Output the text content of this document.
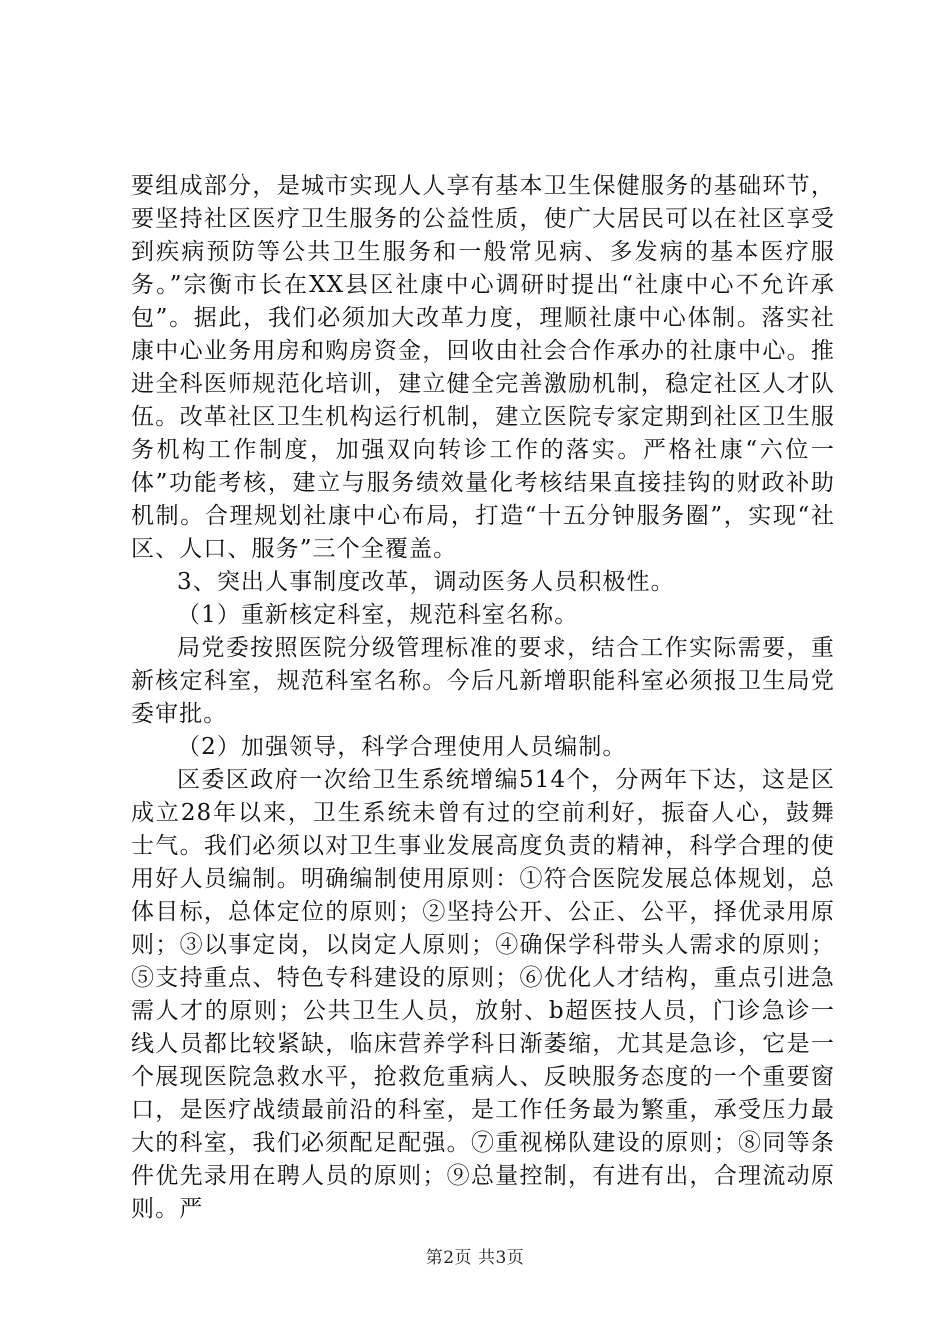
要组成部分，是城市实现人人享有基本卫生保健服务的基础环节，要坚持社区医疗卫生服务的公益性质，使广大居民可以在社区享受到疾病预防等公共卫生服务和一般常见病、多发病的基本医疗服务。”宗衡市长在XX县区社康中心调研时提出“社康中心不允许承包”。据此，我们必须加大改革力度，理顺社康中心体制。落实社康中心业务用房和购房资金，回收由社会合作承办的社康中心。推进全科医师规范化培训，建立健全完善激励机制，稳定社区人才队伍。改革社区卫生机构运行机制，建立医院专家定期到社区卫生服务机构工作制度，加强双向转诊工作的落实。严格社康“六位一体”功能考核，建立与服务绩效量化考核结果直接挂钩的财政补助机制。合理规划社康中心布局，打造“十五分钟服务圈”，实现“社区、人口、服务”三个全覆盖。

3、突出人事制度改革，调动医务人员积极性。

（1）重新核定科室，规范科室名称。

局党委按照医院分级管理标准的要求，结合工作实际需要，重新核定科室，规范科室名称。今后凡新增职能科室必须报卫生局党委审批。

（2）加强领导，科学合理使用人员编制。

区委区政府一次给卫生系统增编514个，分两年下达，这是区成立28年以来，卫生系统未曾有过的空前利好，振奋人心，鼓舞士气。我们必须以对卫生事业发展高度负责的精神，科学合理的使用好人员编制。明确编制使用原则：①符合医院发展总体规划，总体目标，总体定位的原则；②坚持公开、公正、公平，择优录用原则；③以事定岗，以岗定人原则；④确保学科带头人需求的原则；⑤支持重点、特色专科建设的原则；⑥优化人才结构，重点引进急需人才的原则；公共卫生人员，放射、b超医技人员，门诊急诊一线人员都比较紧缺，临床营养学科日渐萎缩，尤其是急诊，它是一个展现医院急救水平，抢救危重病人、反映服务态度的一个重要窗口，是医疗战绩最前沿的科室，是工作任务最为繁重，承受压力最大的科室，我们必须配足配强。⑦重视梯队建设的原则；⑧同等条件优先录用在聘人员的原则；⑨总量控制，有进有出，合理流动原则。严

第2页 共3页
